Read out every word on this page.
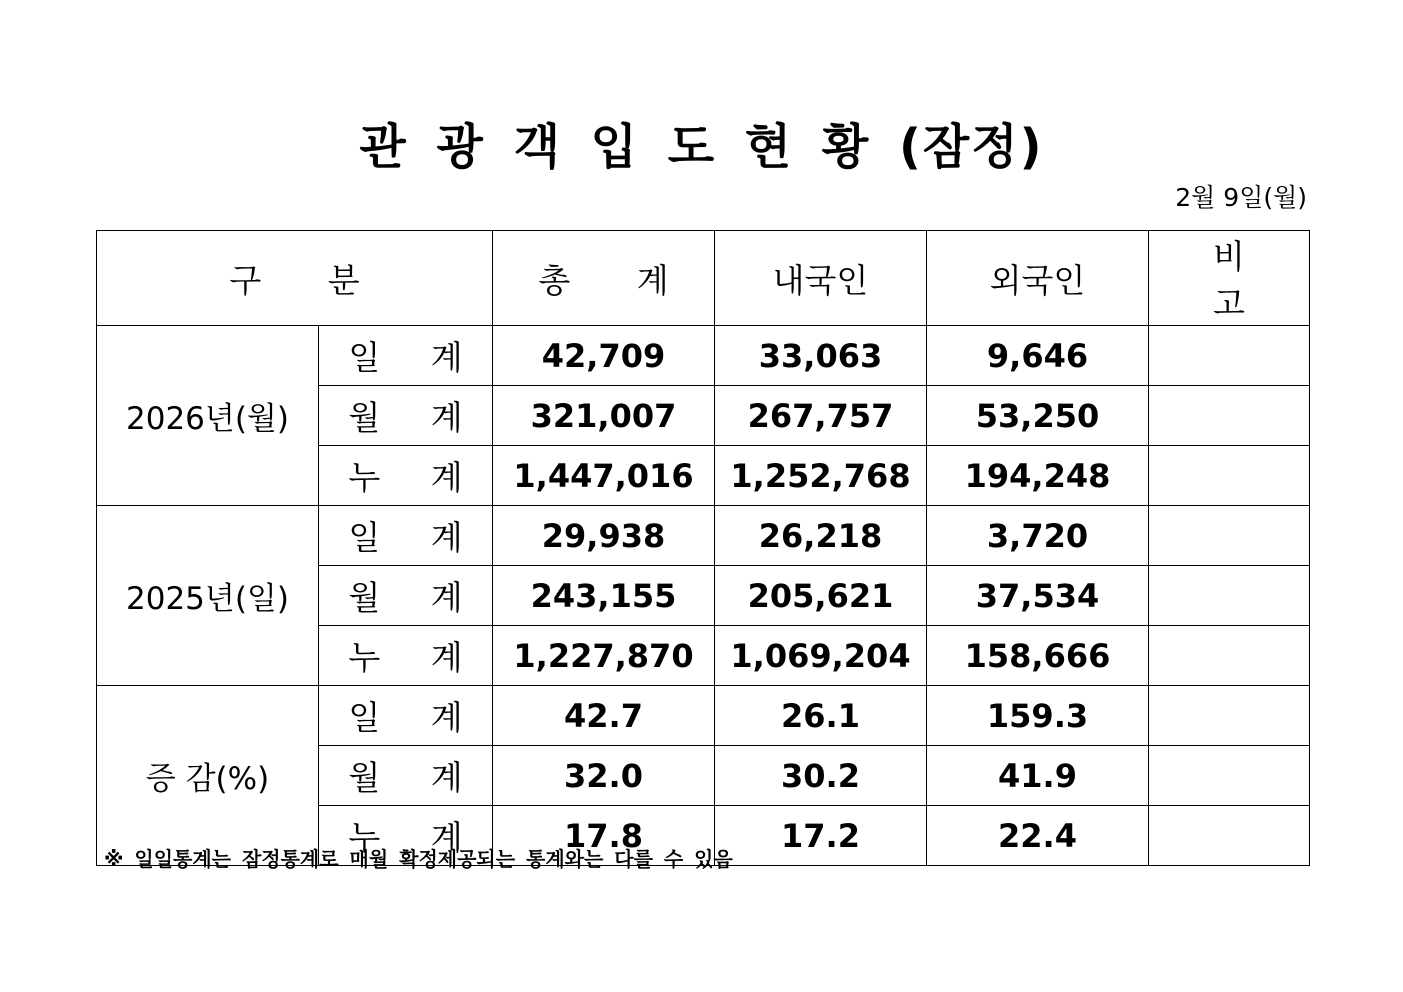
관 광 객 입 도 현 황 (잠정)
2월 9일(월)
구 분		총 계	내국인	외국인	비 고
2026년(월)	일 계	42,709	33,063	9,646	
	월 계	321,007	267,757	53,250	
	누 계	1,447,016	1,252,768	194,248	
2025년(일)	일 계	29,938	26,218	3,720	
	월 계	243,155	205,621	37,534	
	누 계	1,227,870	1,069,204	158,666	
증 감(%)	일 계	42.7	26.1	159.3	
	월 계	32.0	30.2	41.9	
	누 계	17.8	17.2	22.4	
※ 일일통계는 잠정통계로 매월 확정제공되는 통계와는 다를 수 있음
